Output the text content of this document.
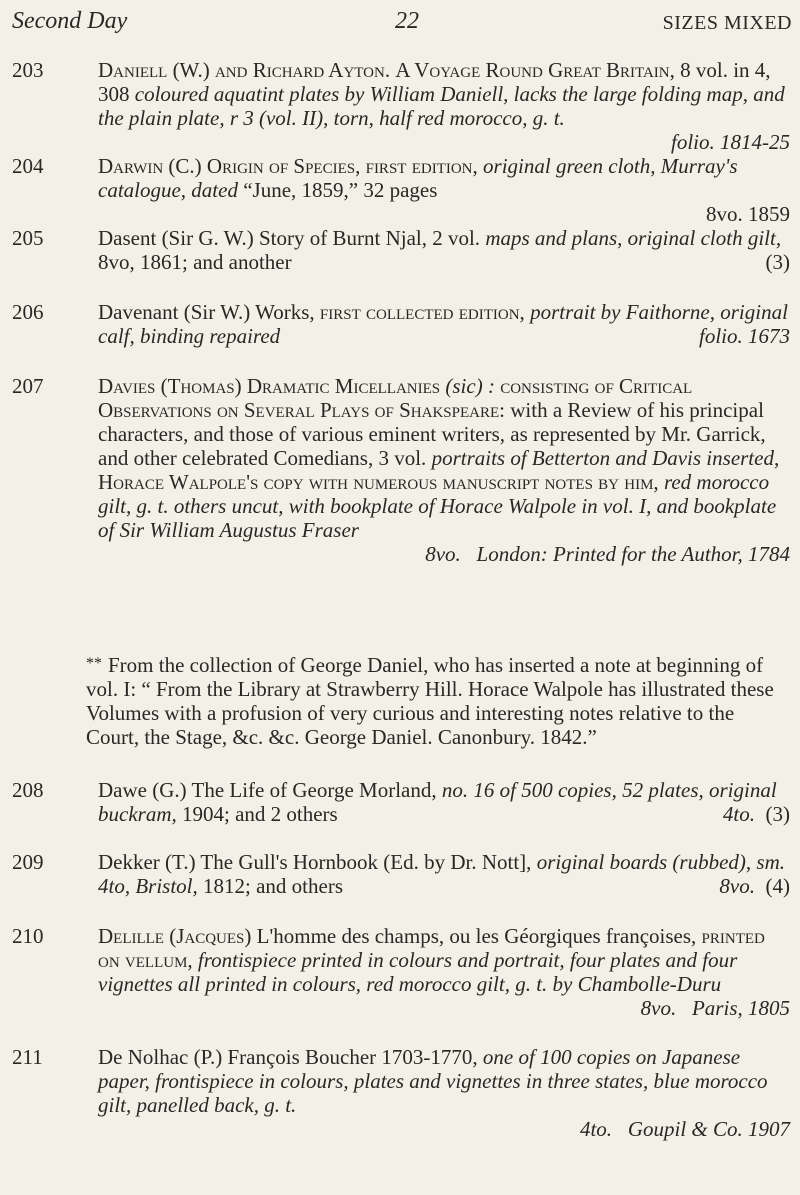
Second Day	22	SIZES MIXED
203	Daniell (W.) and Richard Ayton. A Voyage Round Great Britain, 8 vol. in 4, 308 coloured aquatint plates by William Daniell, lacks the large folding map, and the plain plate, r 3 (vol. II), torn, half red morocco, g. t.
folio. 1814-25
204	Darwin (C.) Origin of Species, first edition, original green cloth, Murray's catalogue, dated “June, 1859,” 32 pages
8vo. 1859
205	Dasent (Sir G. W.) Story of Burnt Njal, 2 vol. maps and plans, original cloth gilt, 8vo, 1861; and another	(3)
206	Davenant (Sir W.) Works, first collected edition, portrait by Faithorne, original calf, binding repaired	folio. 1673
207	Davies (Thomas) Dramatic Micellanies (sic) : consisting of Critical Observations on Several Plays of Shakspeare: with a Review of his principal characters, and those of various eminent writers, as represented by Mr. Garrick, and other celebrated Comedians, 3 vol. portraits of Betterton and Davis inserted, Horace Walpole's copy with numerous manuscript notes by him, red morocco gilt, g. t. others uncut, with bookplate of Horace Walpole in vol. I, and bookplate of Sir William Augustus Fraser
8vo. London: Printed for the Author, 1784
** From the collection of George Daniel, who has inserted a note at beginning of vol. I: “ From the Library at Strawberry Hill. Horace Walpole has illustrated these Volumes with a profusion of very curious and interesting notes relative to the Court, the Stage, &c. &c. George Daniel. Canonbury. 1842.”
208	Dawe (G.) The Life of George Morland, no. 16 of 500 copies, 52 plates, original buckram, 1904; and 2 others	4to. (3)
209	Dekker (T.) The Gull's Hornbook (Ed. by Dr. Nott], original boards (rubbed), sm. 4to, Bristol, 1812; and others	8vo. (4)
210	Delille (Jacques) L'homme des champs, ou les Géorgiques françoises, printed on vellum, frontispiece printed in colours and portrait, four plates and four vignettes all printed in colours, red morocco gilt, g. t. by Chambolle-Duru
8vo. Paris, 1805
211	De Nolhac (P.) François Boucher 1703-1770, one of 100 copies on Japanese paper, frontispiece in colours, plates and vignettes in three states, blue morocco gilt, panelled back, g. t.
4to. Goupil & Co. 1907
